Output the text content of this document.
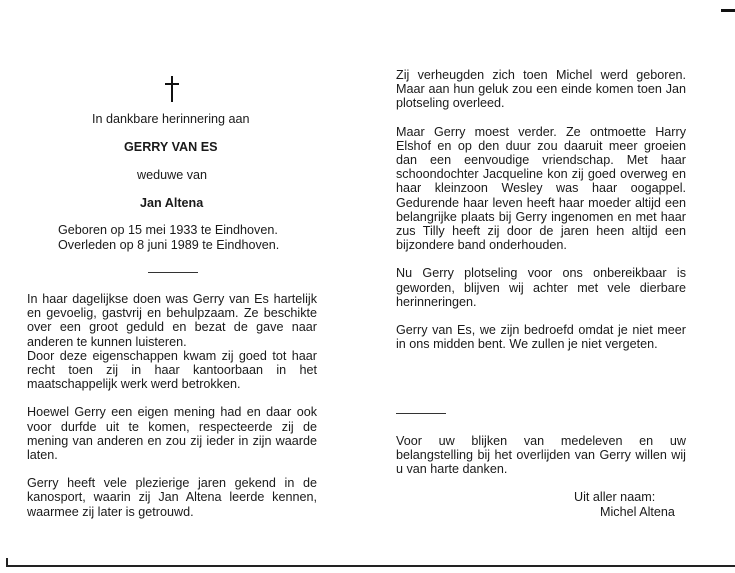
In dankbare herinnering aan
GERRY VAN ES
weduwe van
Jan Altena
Geboren op 15 mei 1933 te Eindhoven.
Overleden op 8 juni 1989 te Eindhoven.

In haar dagelijkse doen was Gerry van Es hartelijk en gevoelig, gastvrij en behulpzaam. Ze beschikte over een groot geduld en bezat de gave naar anderen te kunnen luisteren.

Door deze eigenschappen kwam zij goed tot haar recht toen zij in haar kantoorbaan in het maatschappelijk werk werd betrokken.

Hoewel Gerry een eigen mening had en daar ook voor durfde uit te komen, respecteerde zij de mening van anderen en zou zij ieder in zijn waarde laten.

Gerry heeft vele plezierige jaren gekend in de kanosport, waarin zij Jan Altena leerde kennen, waarmee zij later is getrouwd.

Zij verheugden zich toen Michel werd geboren. Maar aan hun geluk zou een einde komen toen Jan plotseling overleed.

Maar Gerry moest verder. Ze ontmoette Harry Elshof en op den duur zou daaruit meer groeien dan een eenvoudige vriendschap. Met haar schoondochter Jacqueline kon zij goed overweg en haar kleinzoon Wesley was haar oogappel. Gedurende haar leven heeft haar moeder altijd een belangrijke plaats bij Gerry ingenomen en met haar zus Tilly heeft zij door de jaren heen altijd een bijzondere band onderhouden.

Nu Gerry plotseling voor ons onbereikbaar is geworden, blijven wij achter met vele dierbare herinneringen.

Gerry van Es, we zijn bedroefd omdat je niet meer in ons midden bent. We zullen je niet vergeten.

Voor uw blijken van medeleven en uw belangstelling bij het overlijden van Gerry willen wij u van harte danken.

Uit aller naam:
Michel Altena
